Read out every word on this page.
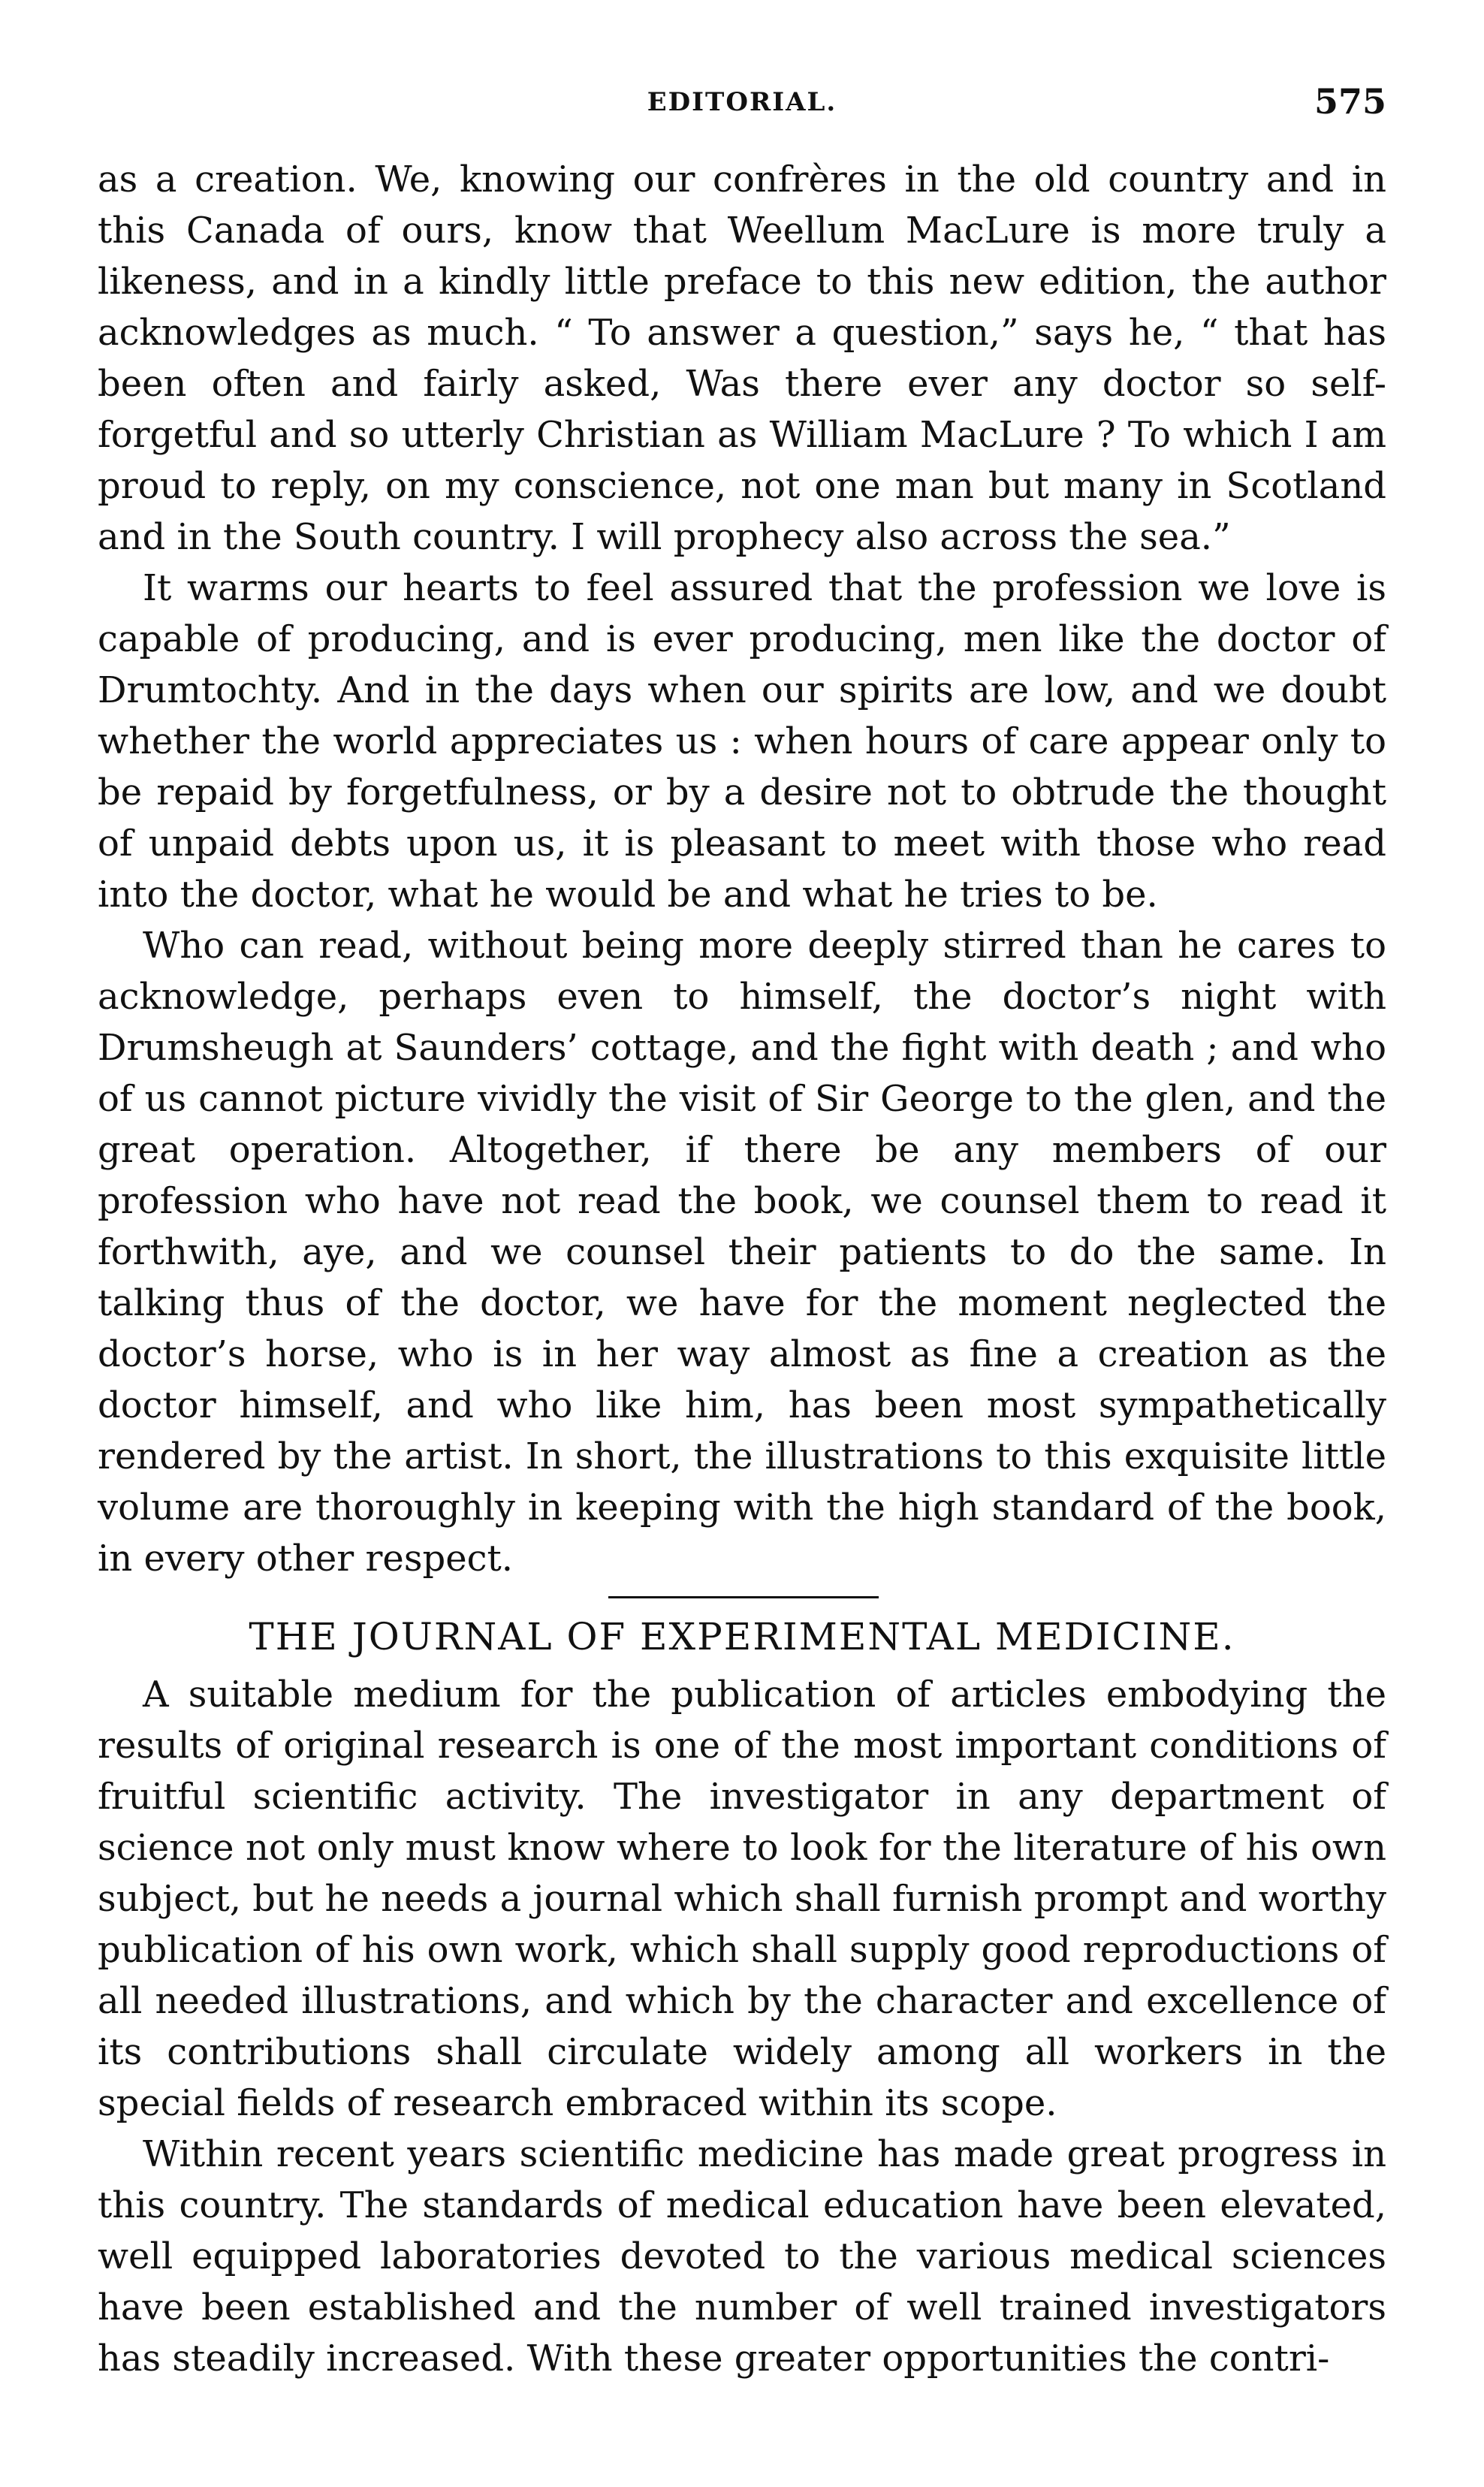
EDITORIAL.	575

as a creation. We, knowing our confrères in the old country and in this Canada of ours, know that Weellum MacLure is more truly a likeness, and in a kindly little preface to this new edition, the author acknowledges as much. “ To answer a question,” says he, “ that has been often and fairly asked, Was there ever any doctor so self-forgetful and so utterly Christian as William MacLure ? To which I am proud to reply, on my conscience, not one man but many in Scotland and in the South country. I will prophecy also across the sea.”

It warms our hearts to feel assured that the profession we love is capable of producing, and is ever producing, men like the doctor of Drumtochty. And in the days when our spirits are low, and we doubt whether the world appreciates us : when hours of care appear only to be repaid by forgetfulness, or by a desire not to obtrude the thought of unpaid debts upon us, it is pleasant to meet with those who read into the doctor, what he would be and what he tries to be.

Who can read, without being more deeply stirred than he cares to acknowledge, perhaps even to himself, the doctor’s night with Drumsheugh at Saunders’ cottage, and the fight with death ; and who of us cannot picture vividly the visit of Sir George to the glen, and the great operation. Altogether, if there be any members of our profession who have not read the book, we counsel them to read it forthwith, aye, and we counsel their patients to do the same. In talking thus of the doctor, we have for the moment neglected the doctor’s horse, who is in her way almost as fine a creation as the doctor himself, and who like him, has been most sympathetically rendered by the artist. In short, the illustrations to this exquisite little volume are thoroughly in keeping with the high standard of the book, in every other respect.

THE JOURNAL OF EXPERIMENTAL MEDICINE.

A suitable medium for the publication of articles embodying the results of original research is one of the most important conditions of fruitful scientific activity. The investigator in any department of science not only must know where to look for the literature of his own subject, but he needs a journal which shall furnish prompt and worthy publication of his own work, which shall supply good reproductions of all needed illustrations, and which by the character and excellence of its contributions shall circulate widely among all workers in the special fields of research embraced within its scope.

Within recent years scientific medicine has made great progress in this country. The standards of medical education have been elevated, well equipped laboratories devoted to the various medical sciences have been established and the number of well trained investigators has steadily increased. With these greater opportunities the contri-
